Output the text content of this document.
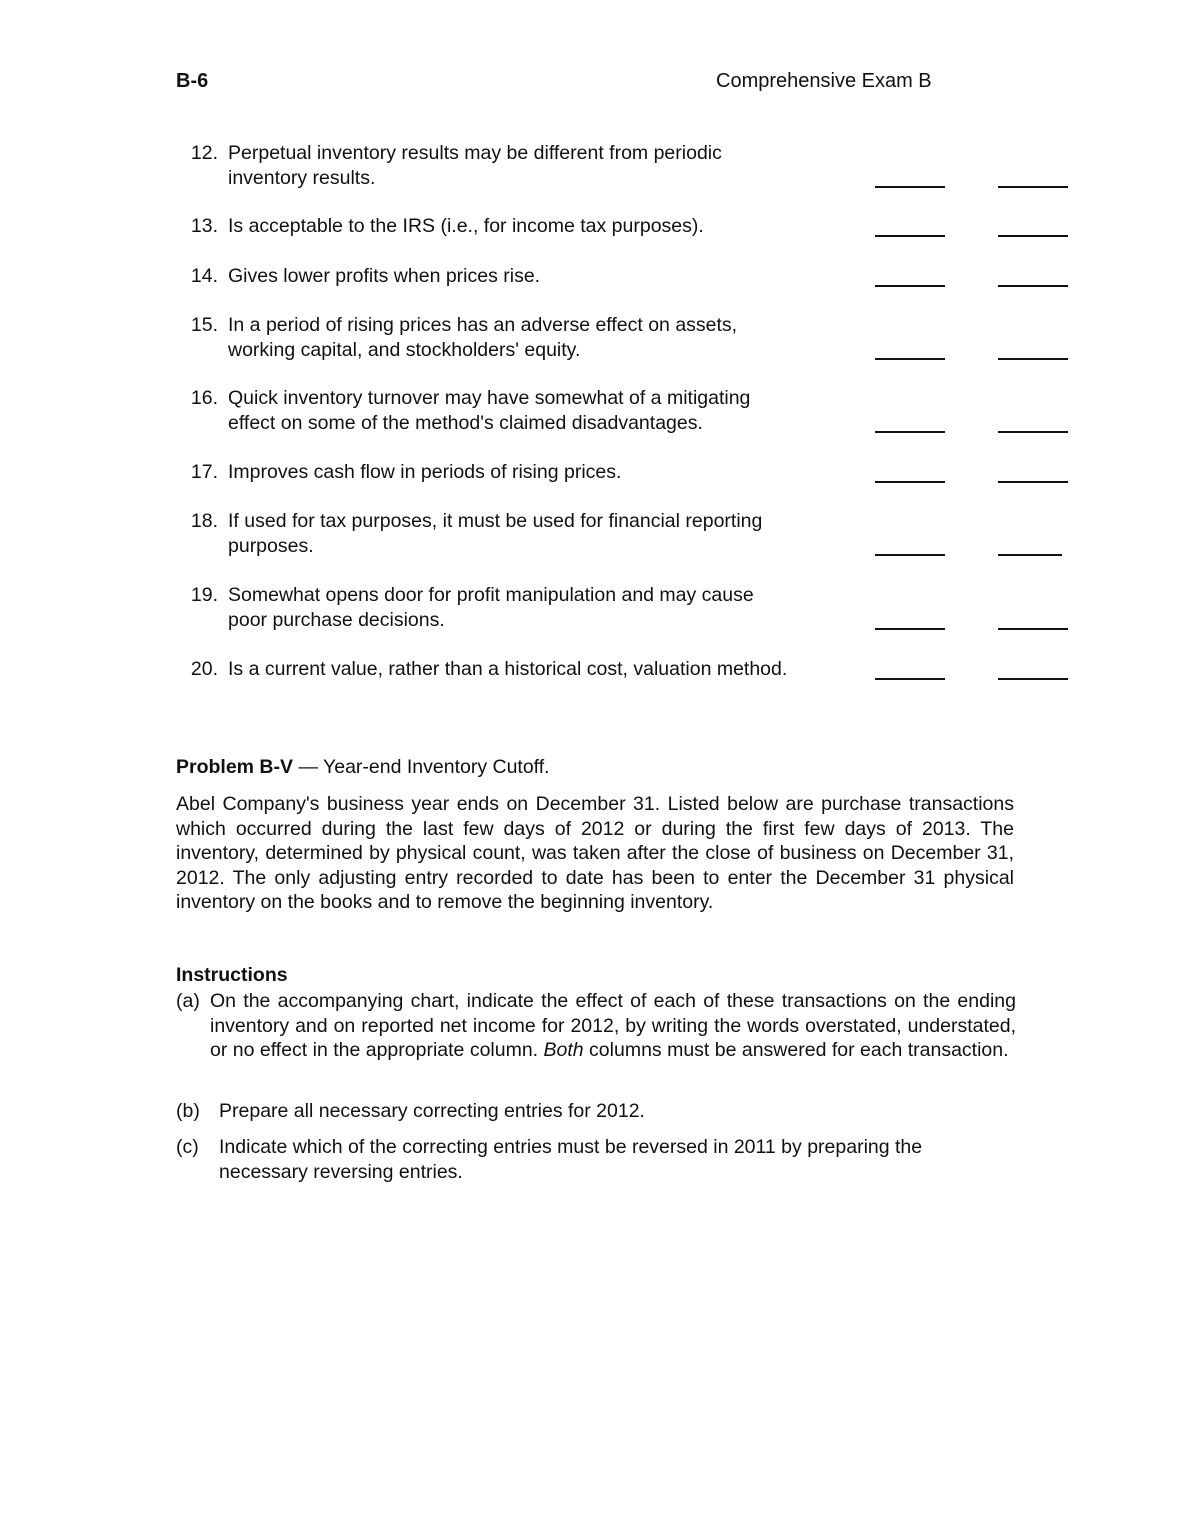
B-6	Comprehensive Exam B
12. Perpetual inventory results may be different from periodic
inventory results.
13. Is acceptable to the IRS (i.e., for income tax purposes).
14. Gives lower profits when prices rise.
15. In a period of rising prices has an adverse effect on assets,
working capital, and stockholders' equity.
16. Quick inventory turnover may have somewhat of a mitigating
effect on some of the method's claimed disadvantages.
17. Improves cash flow in periods of rising prices.
18. If used for tax purposes, it must be used for financial reporting
purposes.
19. Somewhat opens door for profit manipulation and may cause
poor purchase decisions.
20. Is a current value, rather than a historical cost, valuation method.
Problem B-V — Year-end Inventory Cutoff.
Abel Company's business year ends on December 31. Listed below are purchase transactions which occurred during the last few days of 2012 or during the first few days of 2013. The inventory, determined by physical count, was taken after the close of business on December 31, 2012. The only adjusting entry recorded to date has been to enter the December 31 physical inventory on the books and to remove the beginning inventory.
Instructions
(a) On the accompanying chart, indicate the effect of each of these transactions on the ending inventory and on reported net income for 2012, by writing the words overstated, understated, or no effect in the appropriate column. Both columns must be answered for each transaction.
(b) Prepare all necessary correcting entries for 2012.
(c) Indicate which of the correcting entries must be reversed in 2011 by preparing the necessary reversing entries.
